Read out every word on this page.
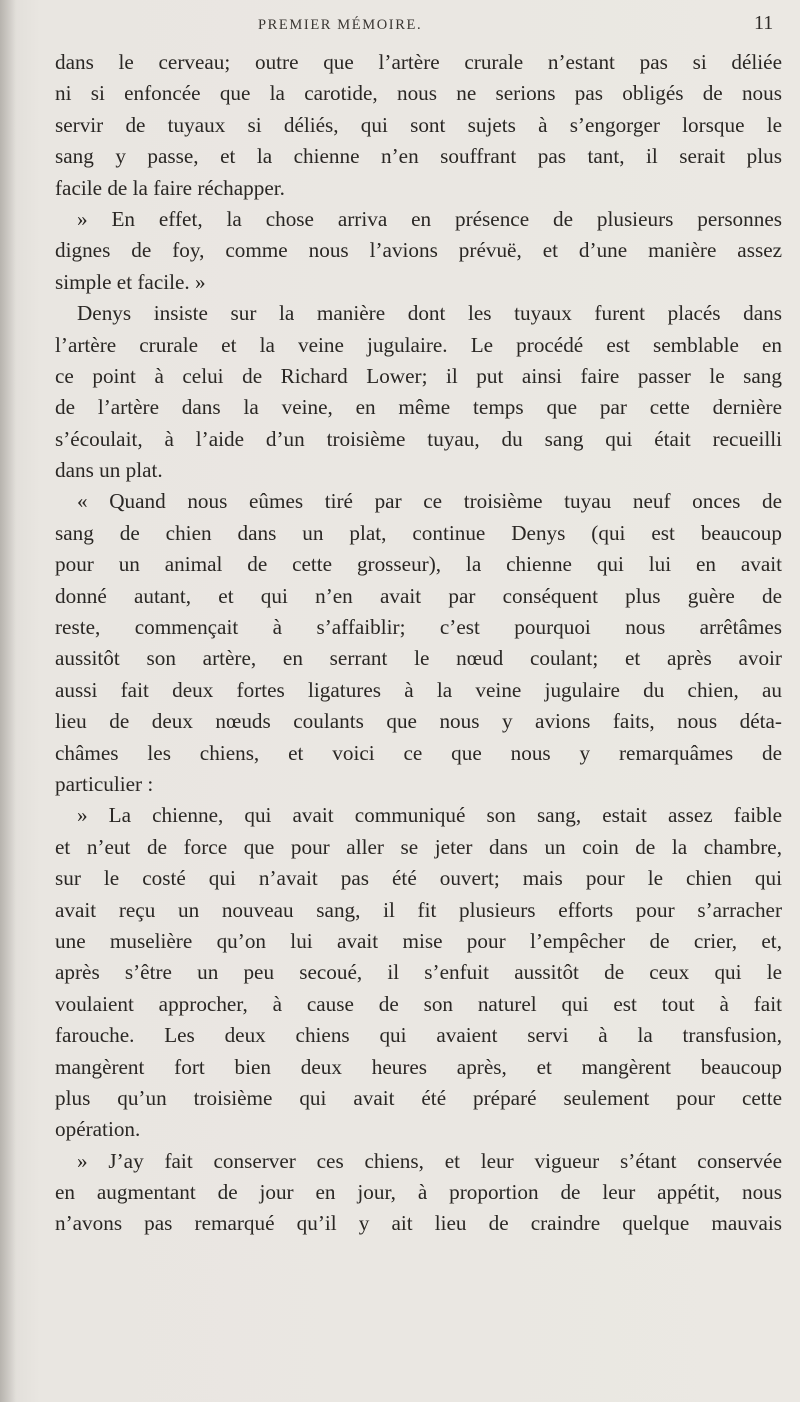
PREMIER MÉMOIRE.	11
dans le cerveau; outre que l’artère crurale n’estant pas si déliée
ni si enfoncée que la carotide, nous ne serions pas obligés de nous
servir de tuyaux si déliés, qui sont sujets à s’engorger lorsque le
sang y passe, et la chienne n’en souffrant pas tant, il serait plus
facile de la faire réchapper.
» En effet, la chose arriva en présence de plusieurs personnes
dignes de foy, comme nous l’avions prévuë, et d’une manière assez
simple et facile. »
Denys insiste sur la manière dont les tuyaux furent placés dans
l’artère crurale et la veine jugulaire. Le procédé est semblable en
ce point à celui de Richard Lower; il put ainsi faire passer le sang
de l’artère dans la veine, en même temps que par cette dernière
s’écoulait, à l’aide d’un troisième tuyau, du sang qui était recueilli
dans un plat.
« Quand nous eûmes tiré par ce troisième tuyau neuf onces de
sang de chien dans un plat, continue Denys (qui est beaucoup
pour un animal de cette grosseur), la chienne qui lui en avait
donné autant, et qui n’en avait par conséquent plus guère de
reste, commençait à s’affaiblir; c’est pourquoi nous arrêtâmes
aussitôt son artère, en serrant le nœud coulant; et après avoir
aussi fait deux fortes ligatures à la veine jugulaire du chien, au
lieu de deux nœuds coulants que nous y avions faits, nous déta-
châmes les chiens, et voici ce que nous y remarquâmes de
particulier :
» La chienne, qui avait communiqué son sang, estait assez faible
et n’eut de force que pour aller se jeter dans un coin de la chambre,
sur le costé qui n’avait pas été ouvert; mais pour le chien qui
avait reçu un nouveau sang, il fit plusieurs efforts pour s’arracher
une muselière qu’on lui avait mise pour l’empêcher de crier, et,
après s’être un peu secoué, il s’enfuit aussitôt de ceux qui le
voulaient approcher, à cause de son naturel qui est tout à fait
farouche. Les deux chiens qui avaient servi à la transfusion,
mangèrent fort bien deux heures après, et mangèrent beaucoup
plus qu’un troisième qui avait été préparé seulement pour cette
opération.
» J’ay fait conserver ces chiens, et leur vigueur s’étant conservée
en augmentant de jour en jour, à proportion de leur appétit, nous
n’avons pas remarqué qu’il y ait lieu de craindre quelque mauvais
